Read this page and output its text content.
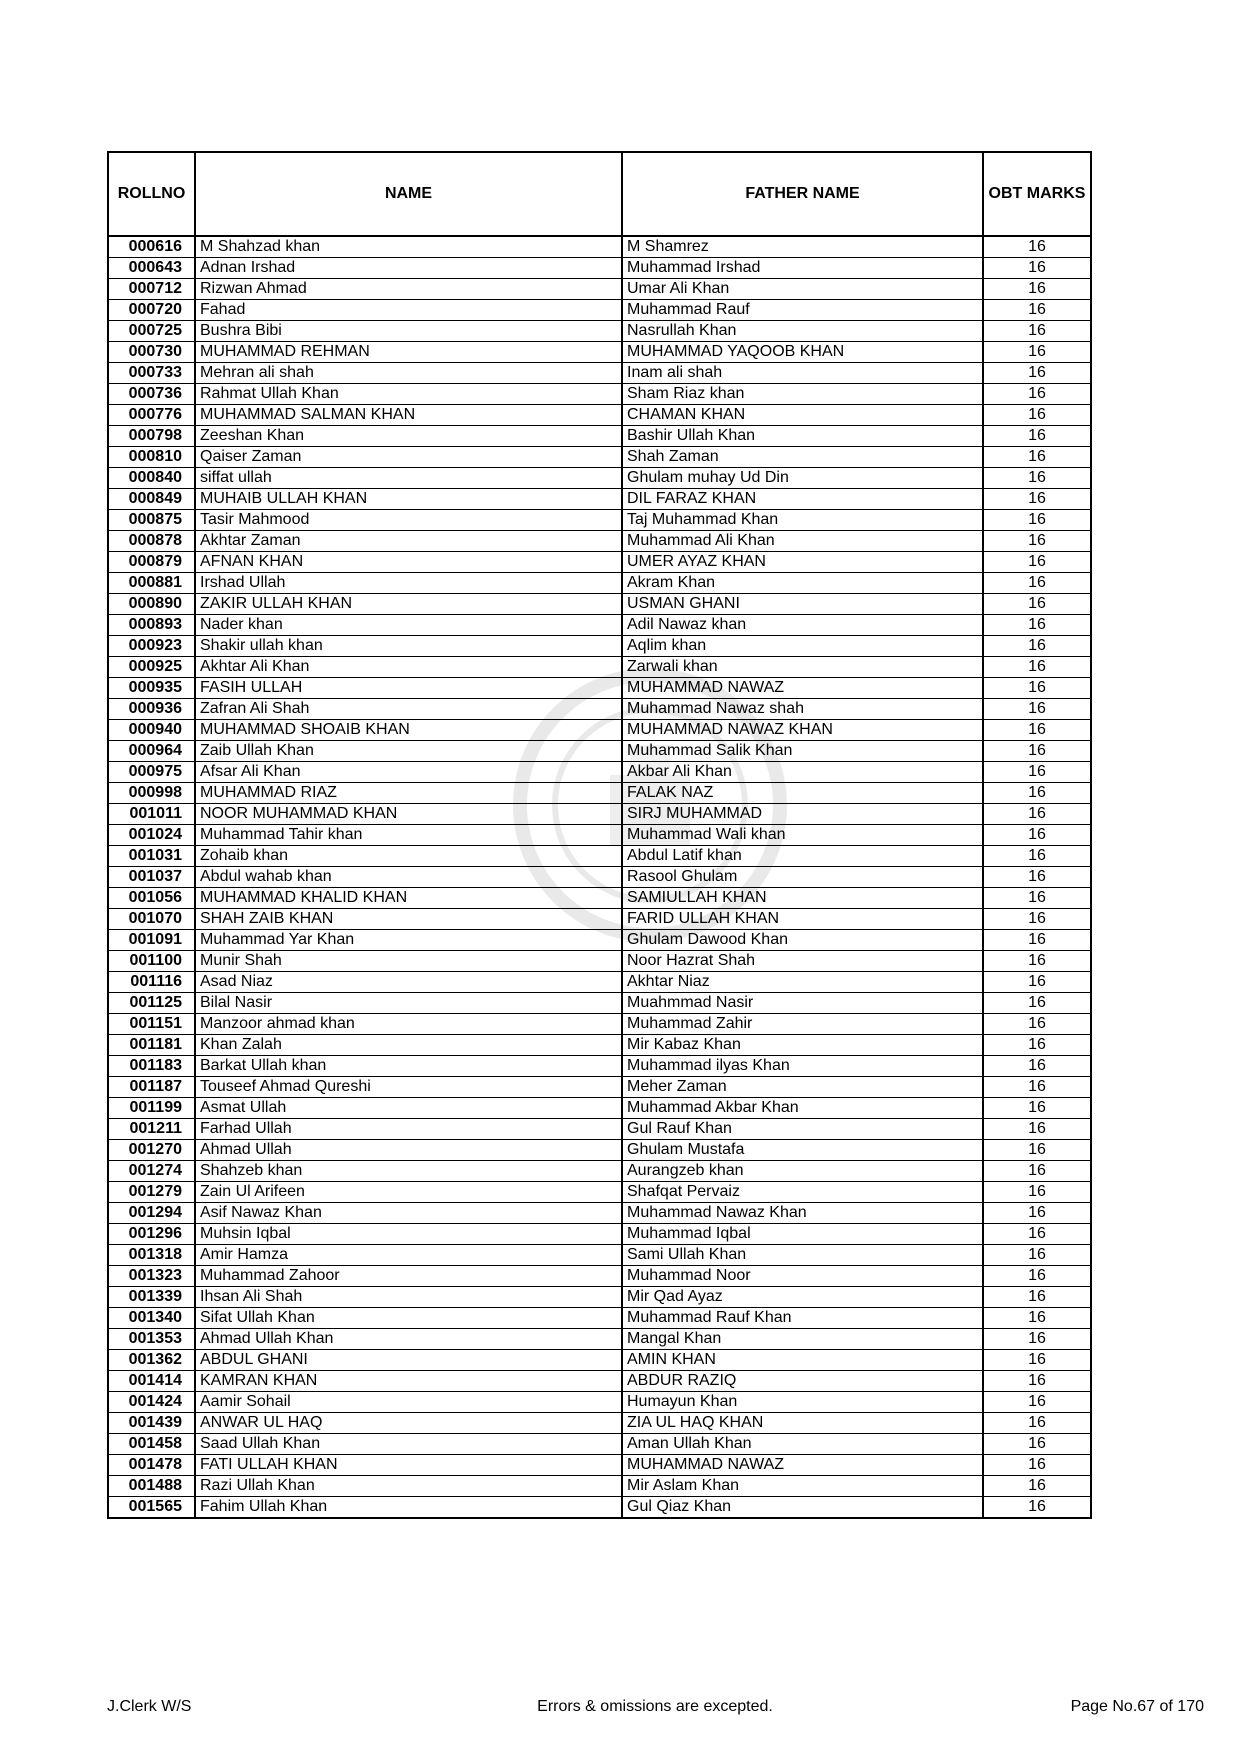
ROLLNO	NAME	FATHER NAME	OBT MARKS
000616	M Shahzad khan	M Shamrez	16
000643	Adnan Irshad	Muhammad Irshad	16
000712	Rizwan Ahmad	Umar Ali Khan	16
000720	Fahad	Muhammad Rauf	16
000725	Bushra Bibi	Nasrullah Khan	16
000730	MUHAMMAD REHMAN	MUHAMMAD YAQOOB KHAN	16
000733	Mehran ali shah	Inam ali shah	16
000736	Rahmat Ullah Khan	Sham Riaz khan	16
000776	MUHAMMAD SALMAN KHAN	CHAMAN KHAN	16
000798	Zeeshan Khan	Bashir Ullah Khan	16
000810	Qaiser Zaman	Shah Zaman	16
000840	siffat ullah	Ghulam muhay Ud Din	16
000849	MUHAIB ULLAH KHAN	DIL FARAZ KHAN	16
000875	Tasir Mahmood	Taj Muhammad Khan	16
000878	Akhtar Zaman	Muhammad Ali Khan	16
000879	AFNAN KHAN	UMER AYAZ KHAN	16
000881	Irshad Ullah	Akram Khan	16
000890	ZAKIR ULLAH KHAN	USMAN GHANI	16
000893	Nader khan	Adil Nawaz khan	16
000923	Shakir ullah khan	Aqlim khan	16
000925	Akhtar Ali Khan	Zarwali khan	16
000935	FASIH ULLAH	MUHAMMAD NAWAZ	16
000936	Zafran Ali Shah	Muhammad Nawaz shah	16
000940	MUHAMMAD SHOAIB KHAN	MUHAMMAD NAWAZ KHAN	16
000964	Zaib Ullah Khan	Muhammad Salik Khan	16
000975	Afsar Ali Khan	Akbar Ali Khan	16
000998	MUHAMMAD RIAZ	FALAK NAZ	16
001011	NOOR MUHAMMAD KHAN	SIRJ MUHAMMAD	16
001024	Muhammad Tahir khan	Muhammad Wali khan	16
001031	Zohaib khan	Abdul Latif khan	16
001037	Abdul wahab khan	Rasool Ghulam	16
001056	MUHAMMAD KHALID KHAN	SAMIULLAH KHAN	16
001070	SHAH ZAIB KHAN	FARID ULLAH KHAN	16
001091	Muhammad Yar Khan	Ghulam Dawood Khan	16
001100	Munir Shah	Noor Hazrat Shah	16
001116	Asad Niaz	Akhtar Niaz	16
001125	Bilal Nasir	Muahmmad Nasir	16
001151	Manzoor ahmad khan	Muhammad Zahir	16
001181	Khan Zalah	Mir Kabaz Khan	16
001183	Barkat Ullah khan	Muhammad ilyas Khan	16
001187	Touseef Ahmad Qureshi	Meher Zaman	16
001199	Asmat Ullah	Muhammad Akbar Khan	16
001211	Farhad Ullah	Gul Rauf Khan	16
001270	Ahmad Ullah	Ghulam Mustafa	16
001274	Shahzeb khan	Aurangzeb khan	16
001279	Zain Ul Arifeen	Shafqat Pervaiz	16
001294	Asif Nawaz Khan	Muhammad Nawaz Khan	16
001296	Muhsin Iqbal	Muhammad Iqbal	16
001318	Amir Hamza	Sami Ullah Khan	16
001323	Muhammad Zahoor	Muhammad Noor	16
001339	Ihsan Ali Shah	Mir Qad Ayaz	16
001340	Sifat Ullah Khan	Muhammad Rauf Khan	16
001353	Ahmad Ullah Khan	Mangal Khan	16
001362	ABDUL GHANI	AMIN KHAN	16
001414	KAMRAN KHAN	ABDUR RAZIQ	16
001424	Aamir Sohail	Humayun Khan	16
001439	ANWAR UL HAQ	ZIA UL HAQ KHAN	16
001458	Saad Ullah Khan	Aman Ullah Khan	16
001478	FATI ULLAH KHAN	MUHAMMAD NAWAZ	16
001488	Razi Ullah Khan	Mir Aslam Khan	16
001565	Fahim Ullah Khan	Gul Qiaz Khan	16
J.Clerk W/S	Errors & omissions are excepted.	Page No.67 of 170
